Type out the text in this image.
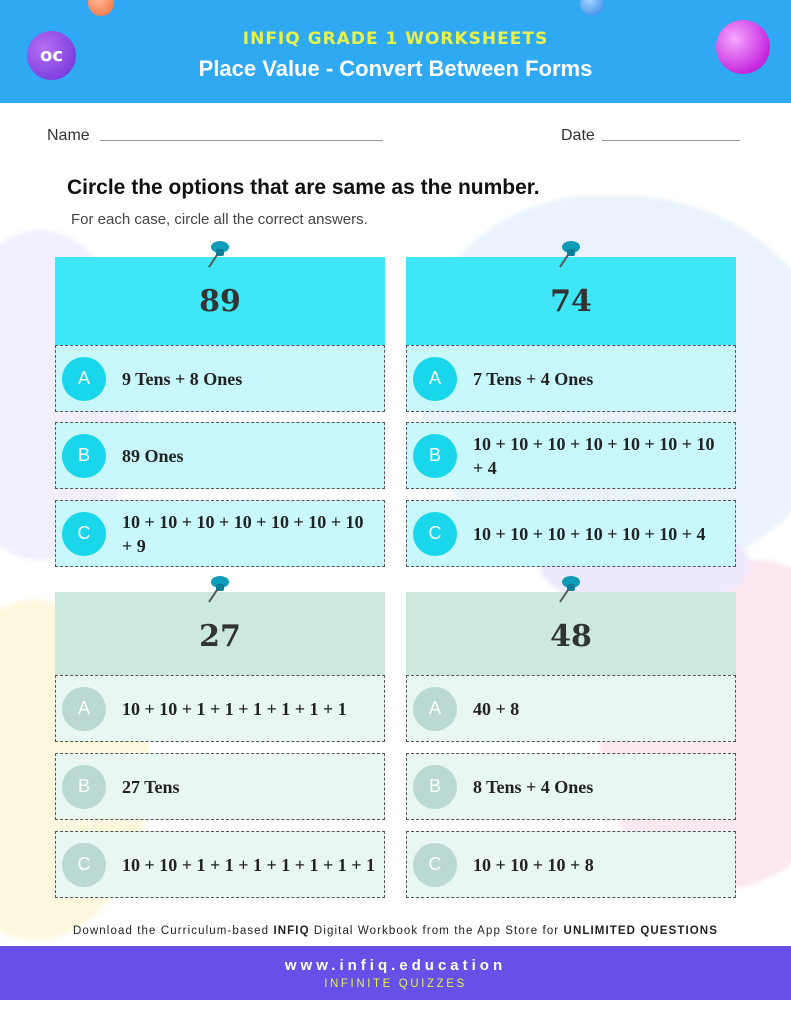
oc
INFIQ GRADE 1 WORKSHEETS
Place Value - Convert Between Forms
Name	Date
Circle the options that are same as the number.
For each case, circle all the correct answers.
89
A	9 Tens + 8 Ones
B	89 Ones
C
10 + 10 + 10 + 10 + 10 + 10 + 10 + 9
74
A	7 Tens + 4 Ones
B
10 + 10 + 10 + 10 + 10 + 10 + 10 + 4
C	10 + 10 + 10 + 10 + 10 + 10 + 4
27
A	10 + 10 + 1 + 1 + 1 + 1 + 1 + 1
B	27 Tens
C	10 + 10 + 1 + 1 + 1 + 1 + 1 + 1 + 1
48
A	40 + 8
B	8 Tens + 4 Ones
C	10 + 10 + 10 + 8
Download the Curriculum-based INFIQ Digital Workbook from the App Store for UNLIMITED QUESTIONS
www.infiq.education
INFINITE QUIZZES
